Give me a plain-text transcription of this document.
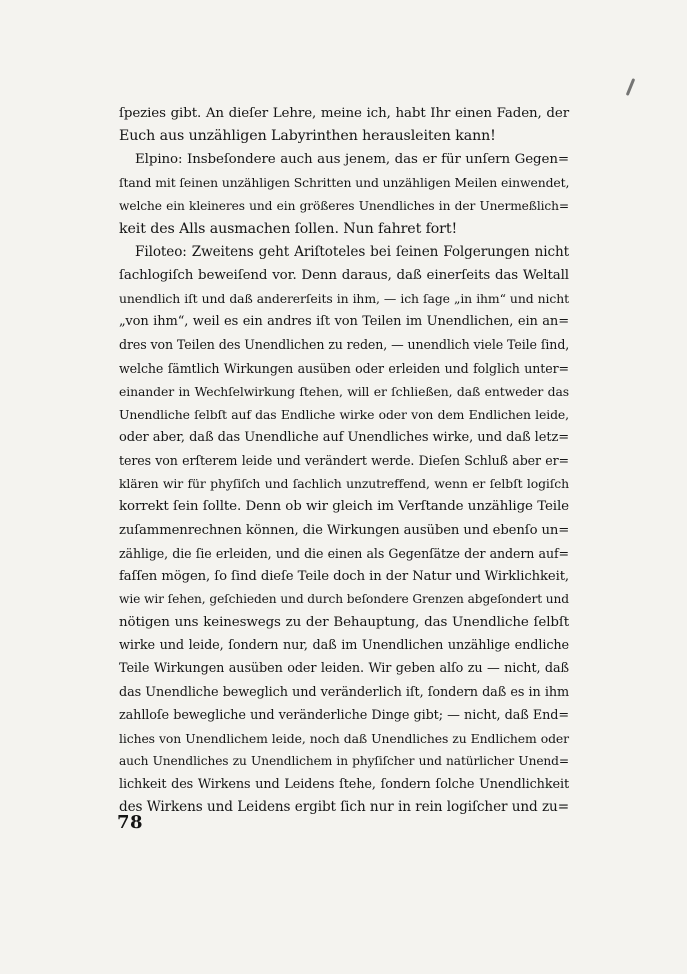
ſpezies gibt. An dieſer Lehre, meine ich, habt Ihr einen Faden, der
Euch aus unzähligen Labyrinthen herausleiten kann!
Elpino: Insbeſondere auch aus jenem, das er für unſern Gegen=
ſtand mit ſeinen unzähligen Schritten und unzähligen Meilen einwendet,
welche ein kleineres und ein größeres Unendliches in der Unermeßlich=
keit des Alls ausmachen ſollen. Nun fahret fort!
Filoteo: Zweitens geht Ariſtoteles bei ſeinen Folgerungen nicht
ſachlogiſch beweiſend vor. Denn daraus, daß einerſeits das Weltall
unendlich iſt und daß andererſeits in ihm, — ich ſage „in ihm“ und nicht
„von ihm“, weil es ein andres iſt von Teilen im Unendlichen, ein an=
dres von Teilen des Unendlichen zu reden, — unendlich viele Teile ſind,
welche ſämtlich Wirkungen ausüben oder erleiden und folglich unter=
einander in Wechſelwirkung ſtehen, will er ſchließen, daß entweder das
Unendliche ſelbſt auf das Endliche wirke oder von dem Endlichen leide,
oder aber, daß das Unendliche auf Unendliches wirke, und daß letz=
teres von erſterem leide und verändert werde. Dieſen Schluß aber er=
klären wir für phyſiſch und ſachlich unzutreffend, wenn er ſelbſt logiſch
korrekt ſein ſollte. Denn ob wir gleich im Verſtande unzählige Teile
zuſammenrechnen können, die Wirkungen ausüben und ebenſo un=
zählige, die ſie erleiden, und die einen als Gegenſätze der andern auf=
faſſen mögen, ſo ſind dieſe Teile doch in der Natur und Wirklichkeit,
wie wir ſehen, geſchieden und durch beſondere Grenzen abgeſondert und
nötigen uns keineswegs zu der Behauptung, das Unendliche ſelbſt
wirke und leide, ſondern nur, daß im Unendlichen unzählige endliche
Teile Wirkungen ausüben oder leiden. Wir geben alſo zu — nicht, daß
das Unendliche beweglich und veränderlich iſt, ſondern daß es in ihm
zahlloſe bewegliche und veränderliche Dinge gibt; — nicht, daß End=
liches von Unendlichem leide, noch daß Unendliches zu Endlichem oder
auch Unendliches zu Unendlichem in phyſiſcher und natürlicher Unend=
lichkeit des Wirkens und Leidens ſtehe, ſondern ſolche Unendlichkeit
des Wirkens und Leidens ergibt ſich nur in rein logiſcher und zu=
78
